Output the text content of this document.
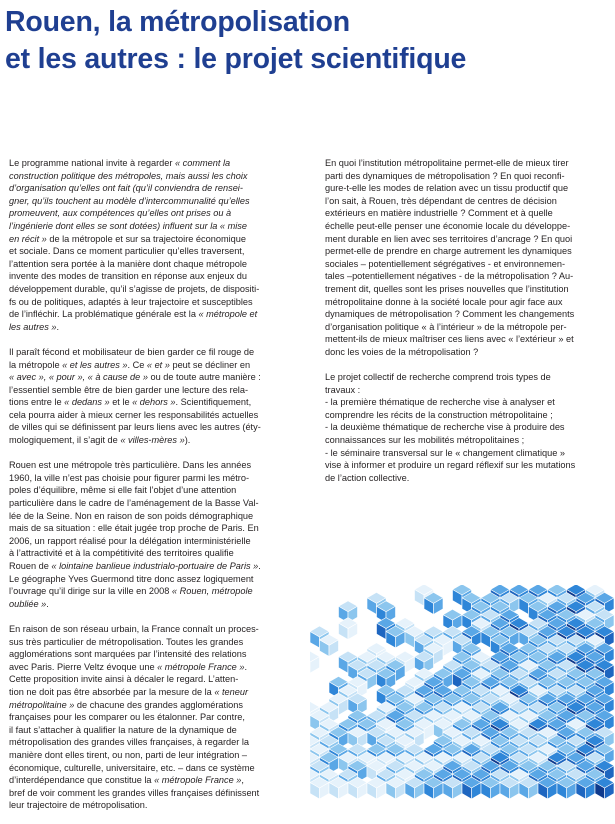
Rouen, la métropolisation
et les autres : le projet scientifique

Le programme national invite à regarder « comment la
construction politique des métropoles, mais aussi les choix
d’organisation qu’elles ont fait (qu’il conviendra de rensei-
gner, qu’ils touchent au modèle d’intercommunalité qu’elles
promeuvent, aux compétences qu’elles ont prises ou à
l’ingénierie dont elles se sont dotées) influent sur la « mise
en récit » de la métropole et sur sa trajectoire économique
et sociale. Dans ce moment particulier qu’elles traversent,
l’attention sera portée à la manière dont chaque métropole
invente des modes de transition en réponse aux enjeux du
développement durable, qu’il s’agisse de projets, de dispositi-
fs ou de politiques, adaptés à leur trajectoire et susceptibles
de l’infléchir. La problématique générale est la « métropole et
les autres ».

Il paraît fécond et mobilisateur de bien garder ce fil rouge de
la métropole « et les autres ». Ce « et » peut se décliner en
« avec », « pour », « à cause de » ou de toute autre manière :
l’essentiel semble être de bien garder une lecture des rela-
tions entre le « dedans » et le « dehors ». Scientifiquement,
cela pourra aider à mieux cerner les responsabilités actuelles
de villes qui se définissent par leurs liens avec les autres (éty-
mologiquement, il s’agit de « villes-mères »).

Rouen est une métropole très particulière. Dans les années
1960, la ville n’est pas choisie pour figurer parmi les métro-
poles d’équilibre, même si elle fait l’objet d’une attention
particulière dans le cadre de l’aménagement de la Basse Val-
lée de la Seine. Non en raison de son poids démographique
mais de sa situation : elle était jugée trop proche de Paris. En
2006, un rapport réalisé pour la délégation interministérielle
à l’attractivité et à la compétitivité des territoires qualifie
Rouen de « lointaine banlieue industrialo-portuaire de Paris ».
Le géographe Yves Guermond titre donc assez logiquement
l’ouvrage qu’il dirige sur la ville en 2008 « Rouen, métropole
oubliée ».

En raison de son réseau urbain, la France connaît un proces-
sus très particulier de métropolisation. Toutes les grandes
agglomérations sont marquées par l’intensité des relations
avec Paris. Pierre Veltz évoque une « métropole France ».
Cette proposition invite ainsi à décaler le regard. L’atten-
tion ne doit pas être absorbée par la mesure de la « teneur
métropolitaine » de chacune des grandes agglomérations
françaises pour les comparer ou les étalonner. Par contre,
il faut s’attacher à qualifier la nature de la dynamique de
métropolisation des grandes villes françaises, à regarder la
manière dont elles tirent, ou non, parti de leur intégration –
économique, culturelle, universitaire, etc. – dans ce système
d’interdépendance que constitue la « métropole France »,
bref de voir comment les grandes villes françaises définissent
leur trajectoire de métropolisation.

En quoi l’institution métropolitaine permet-elle de mieux tirer
parti des dynamiques de métropolisation ? En quoi reconfi-
gure-t-elle les modes de relation avec un tissu productif que
l’on sait, à Rouen, très dépendant de centres de décision
extérieurs en matière industrielle ? Comment et à quelle
échelle peut-elle penser une économie locale du développe-
ment durable en lien avec ses territoires d’ancrage ? En quoi
permet-elle de prendre en charge autrement les dynamiques
sociales – potentiellement ségrégatives - et environnemen-
tales –potentiellement négatives - de la métropolisation ? Au-
trement dit, quelles sont les prises nouvelles que l’institution
métropolitaine donne à la société locale pour agir face aux
dynamiques de métropolisation ? Comment les changements
d’organisation politique « à l’intérieur » de la métropole per-
mettent-ils de mieux maîtriser ces liens avec « l’extérieur » et
donc les voies de la métropolisation ?

Le projet collectif de recherche comprend trois types de
travaux :
- la première thématique de recherche vise à analyser et
comprendre les récits de la construction métropolitaine ;
- la deuxième thématique de recherche vise à produire des
connaissances sur les mobilités métropolitaines ;
- le séminaire transversal sur le « changement climatique »
vise à informer et produire un regard réflexif sur les mutations
de l’action collective.
